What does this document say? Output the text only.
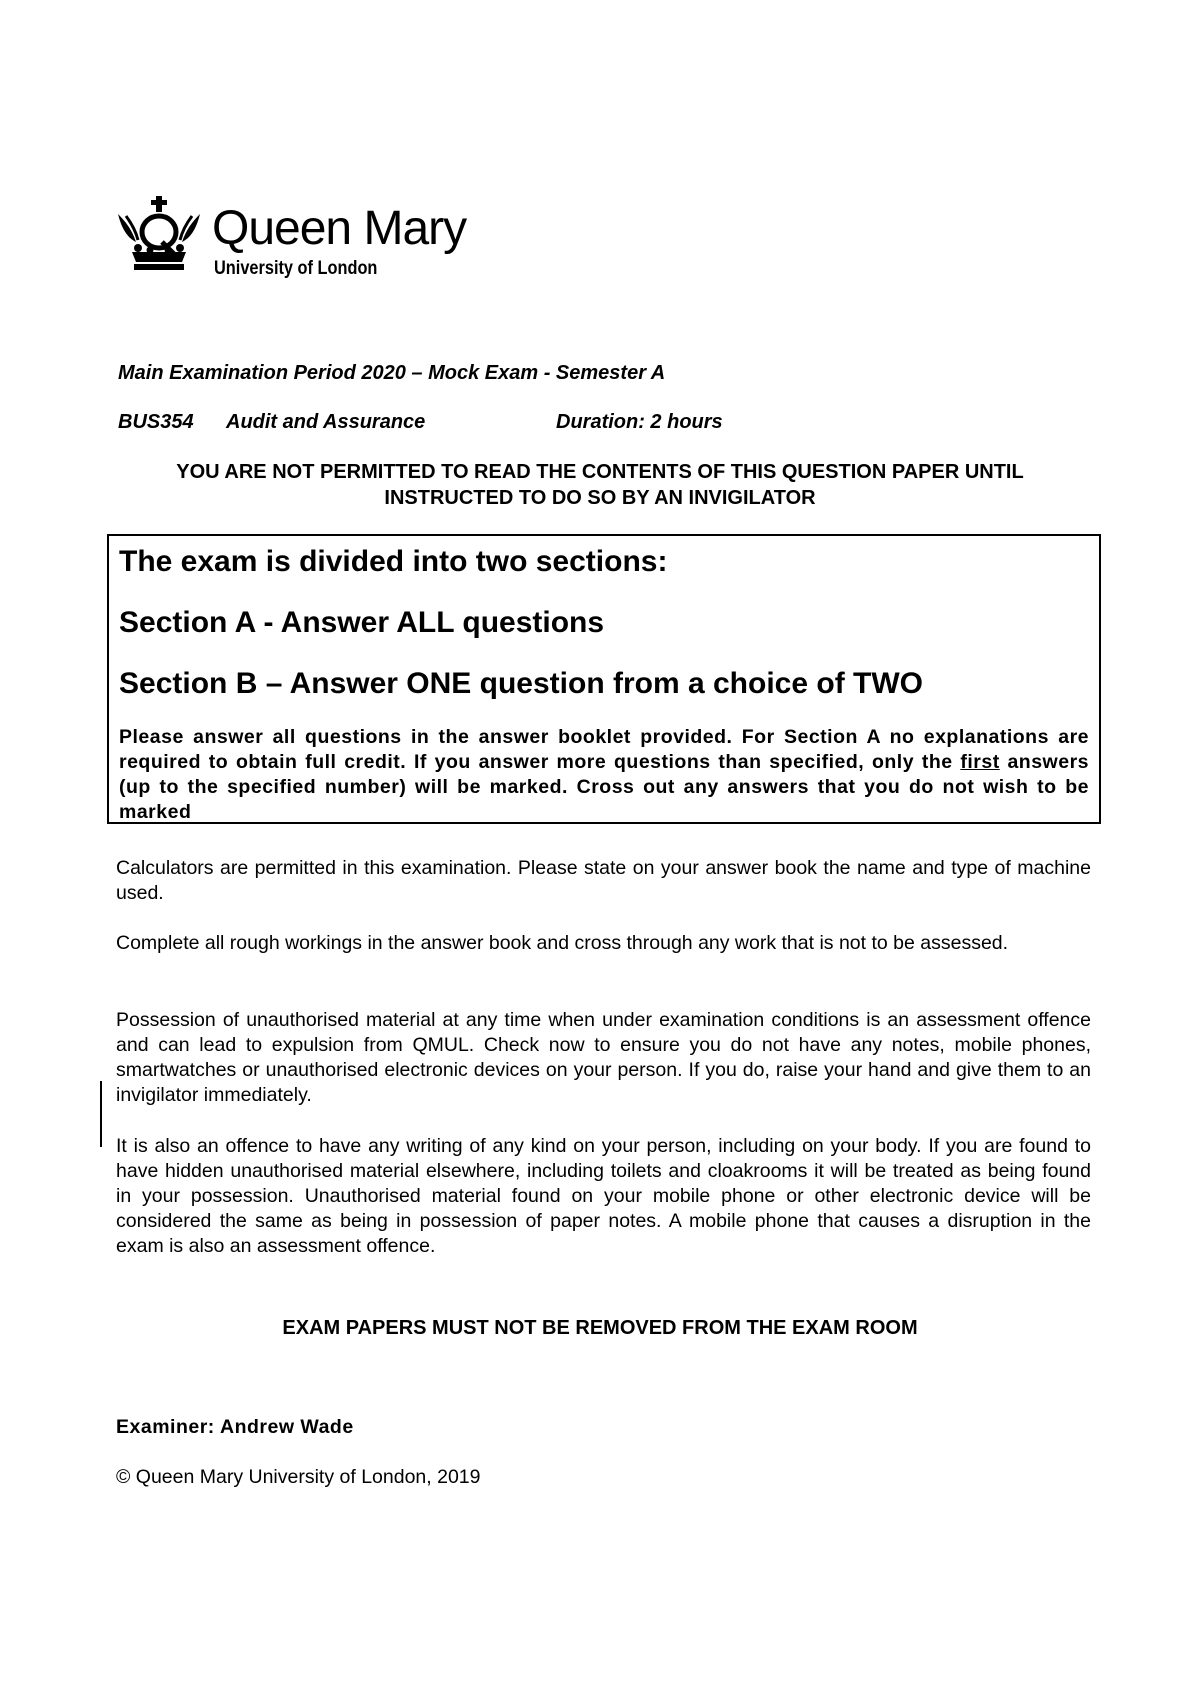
Queen Mary
University of London
Main Examination Period 2020 – Mock Exam - Semester A
BUS354 Audit and Assurance	Duration: 2 hours
YOU ARE NOT PERMITTED TO READ THE CONTENTS OF THIS QUESTION PAPER UNTIL
INSTRUCTED TO DO SO BY AN INVIGILATOR
The exam is divided into two sections:
Section A - Answer ALL questions
Section B – Answer ONE question from a choice of TWO
Please answer all questions in the answer booklet provided. For Section A no explanations are required to obtain full credit. If you answer more questions than specified, only the first answers (up to the specified number) will be marked. Cross out any answers that you do not wish to be marked
Calculators are permitted in this examination. Please state on your answer book the name and type of machine used.
Complete all rough workings in the answer book and cross through any work that is not to be assessed.
Possession of unauthorised material at any time when under examination conditions is an assessment offence and can lead to expulsion from QMUL. Check now to ensure you do not have any notes, mobile phones, smartwatches or unauthorised electronic devices on your person. If you do, raise your hand and give them to an invigilator immediately.
It is also an offence to have any writing of any kind on your person, including on your body. If you are found to have hidden unauthorised material elsewhere, including toilets and cloakrooms it will be treated as being found in your possession. Unauthorised material found on your mobile phone or other electronic device will be considered the same as being in possession of paper notes. A mobile phone that causes a disruption in the exam is also an assessment offence.
EXAM PAPERS MUST NOT BE REMOVED FROM THE EXAM ROOM
Examiner: Andrew Wade
© Queen Mary University of London, 2019
